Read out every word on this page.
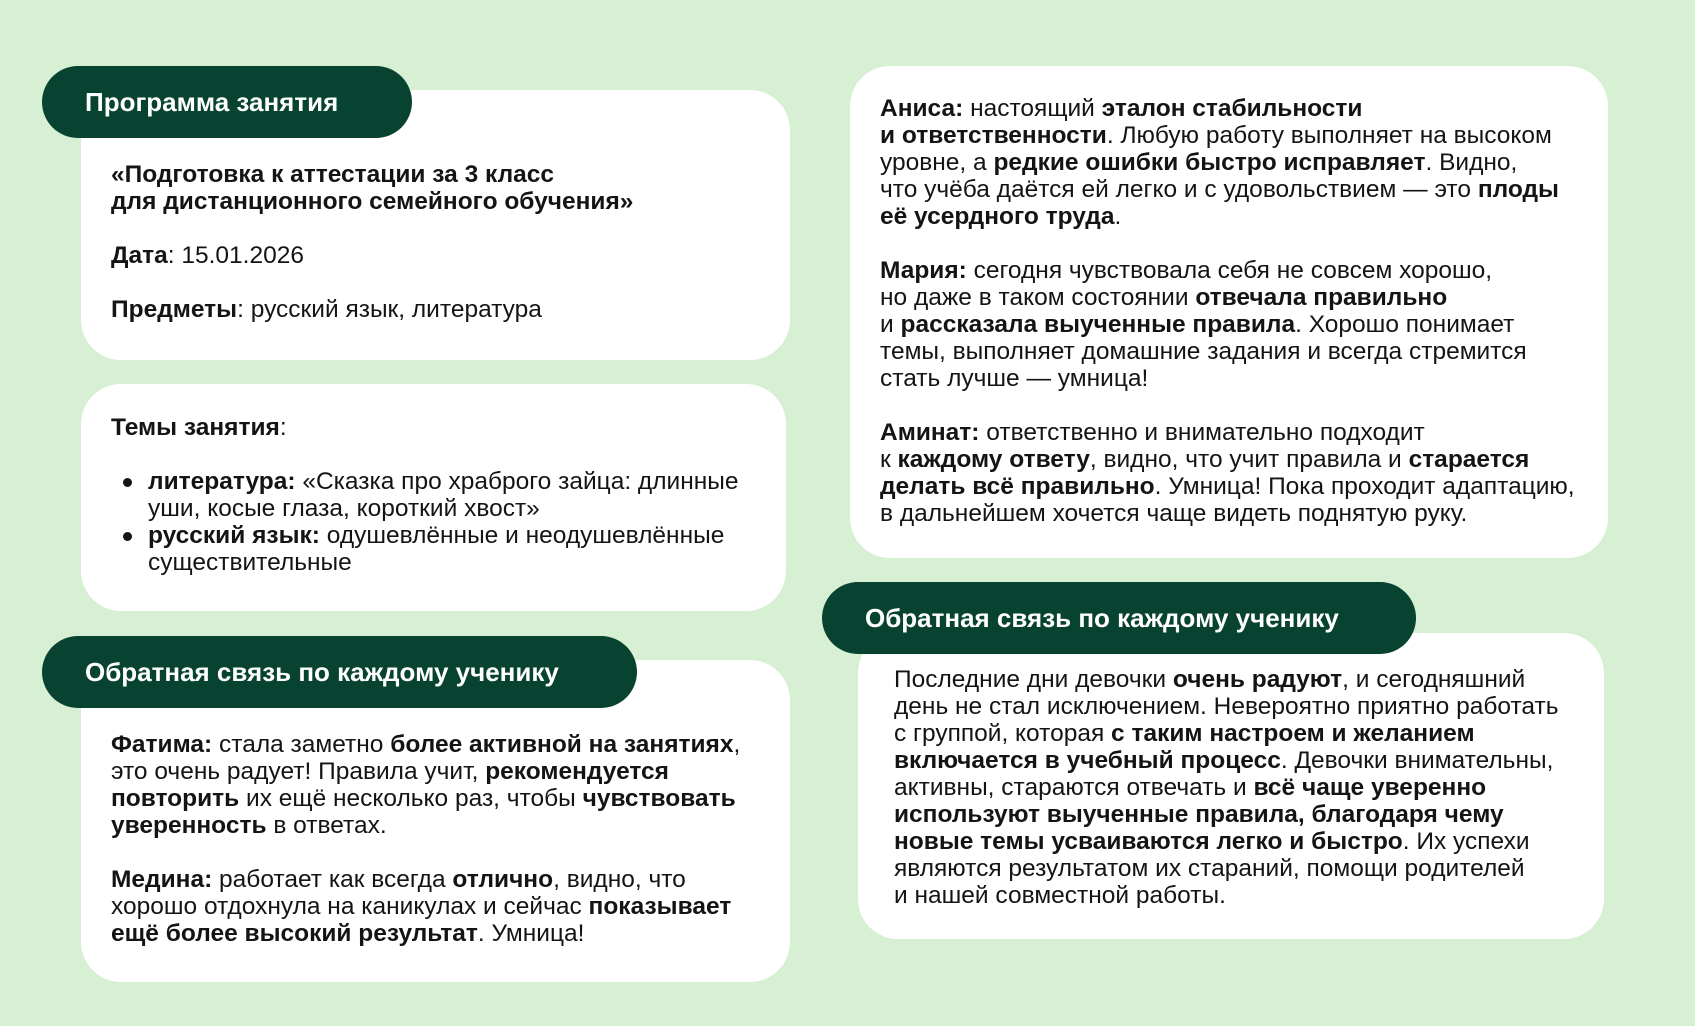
«Подготовка к аттестации за 3 класс
для дистанционного семейного обучения»

Дата: 15.01.2026

Предметы: русский язык, литература

Программа занятия

Темы занятия:

литература: «Сказка про храброго зайца: длинные
уши, косые глаза, короткий хвост»
русский язык: одушевлённые и неодушевлённые
существительные

Фатима: стала заметно более активной на занятиях,
это очень радует! Правила учит, рекомендуется
повторить их ещё несколько раз, чтобы чувствовать
уверенность в ответах.

Медина: работает как всегда отлично, видно, что
хорошо отдохнула на каникулах и сейчас показывает
ещё более высокий результат. Умница!

Обратная связь по каждому ученику

Аниса: настоящий эталон стабильности
и ответственности. Любую работу выполняет на высоком
уровне, а редкие ошибки быстро исправляет. Видно,
что учёба даётся ей легко и с удовольствием — это плоды
её усердного труда.

Мария: сегодня чувствовала себя не совсем хорошо,
но даже в таком состоянии отвечала правильно
и рассказала выученные правила. Хорошо понимает
темы, выполняет домашние задания и всегда стремится
стать лучше — умница!

Аминат: ответственно и внимательно подходит
к каждому ответу, видно, что учит правила и старается
делать всё правильно. Умница! Пока проходит адаптацию,
в дальнейшем хочется чаще видеть поднятую руку.

Последние дни девочки очень радуют, и сегодняшний
день не стал исключением. Невероятно приятно работать
с группой, которая с таким настроем и желанием
включается в учебный процесс. Девочки внимательны,
активны, стараются отвечать и всё чаще уверенно
используют выученные правила, благодаря чему
новые темы усваиваются легко и быстро. Их успехи
являются результатом их стараний, помощи родителей
и нашей совместной работы.

Обратная связь по каждому ученику
